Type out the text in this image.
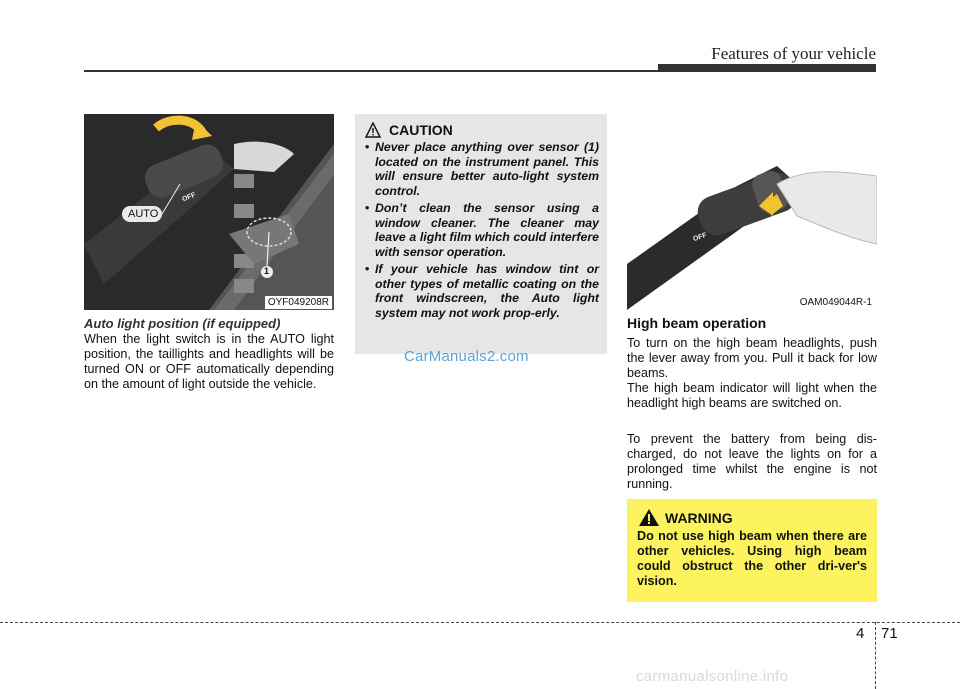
Features of your vehicle
AUTO
OFF
1
OYF049208R
Auto light position (if equipped)

When the light switch is in the AUTO light position, the taillights and headlights will be turned ON or OFF automatically depending on the amount of light outside the vehicle.

CAUTION
• Never place anything over sensor (1) located on the instrument panel. This will ensure better auto-light system control.
• Don’t clean the sensor using a window cleaner. The cleaner may leave a light film which could interfere with sensor operation.
• If your vehicle has window tint or other types of metallic coating on the front windscreen, the Auto light system may not work prop-erly.
CarManuals2.com
OFF
OAM049044R-1
High beam operation

To turn on the high beam headlights, push the lever away from you. Pull it back for low beams.

The high beam indicator will light when the headlight high beams are switched on.

To prevent the battery from being dis-charged, do not leave the lights on for a prolonged time whilst the engine is not running.

WARNING
Do not use high beam when there are other vehicles. Using high beam could obstruct the other dri-ver's vision.
4 71
carmanualsonline.info
